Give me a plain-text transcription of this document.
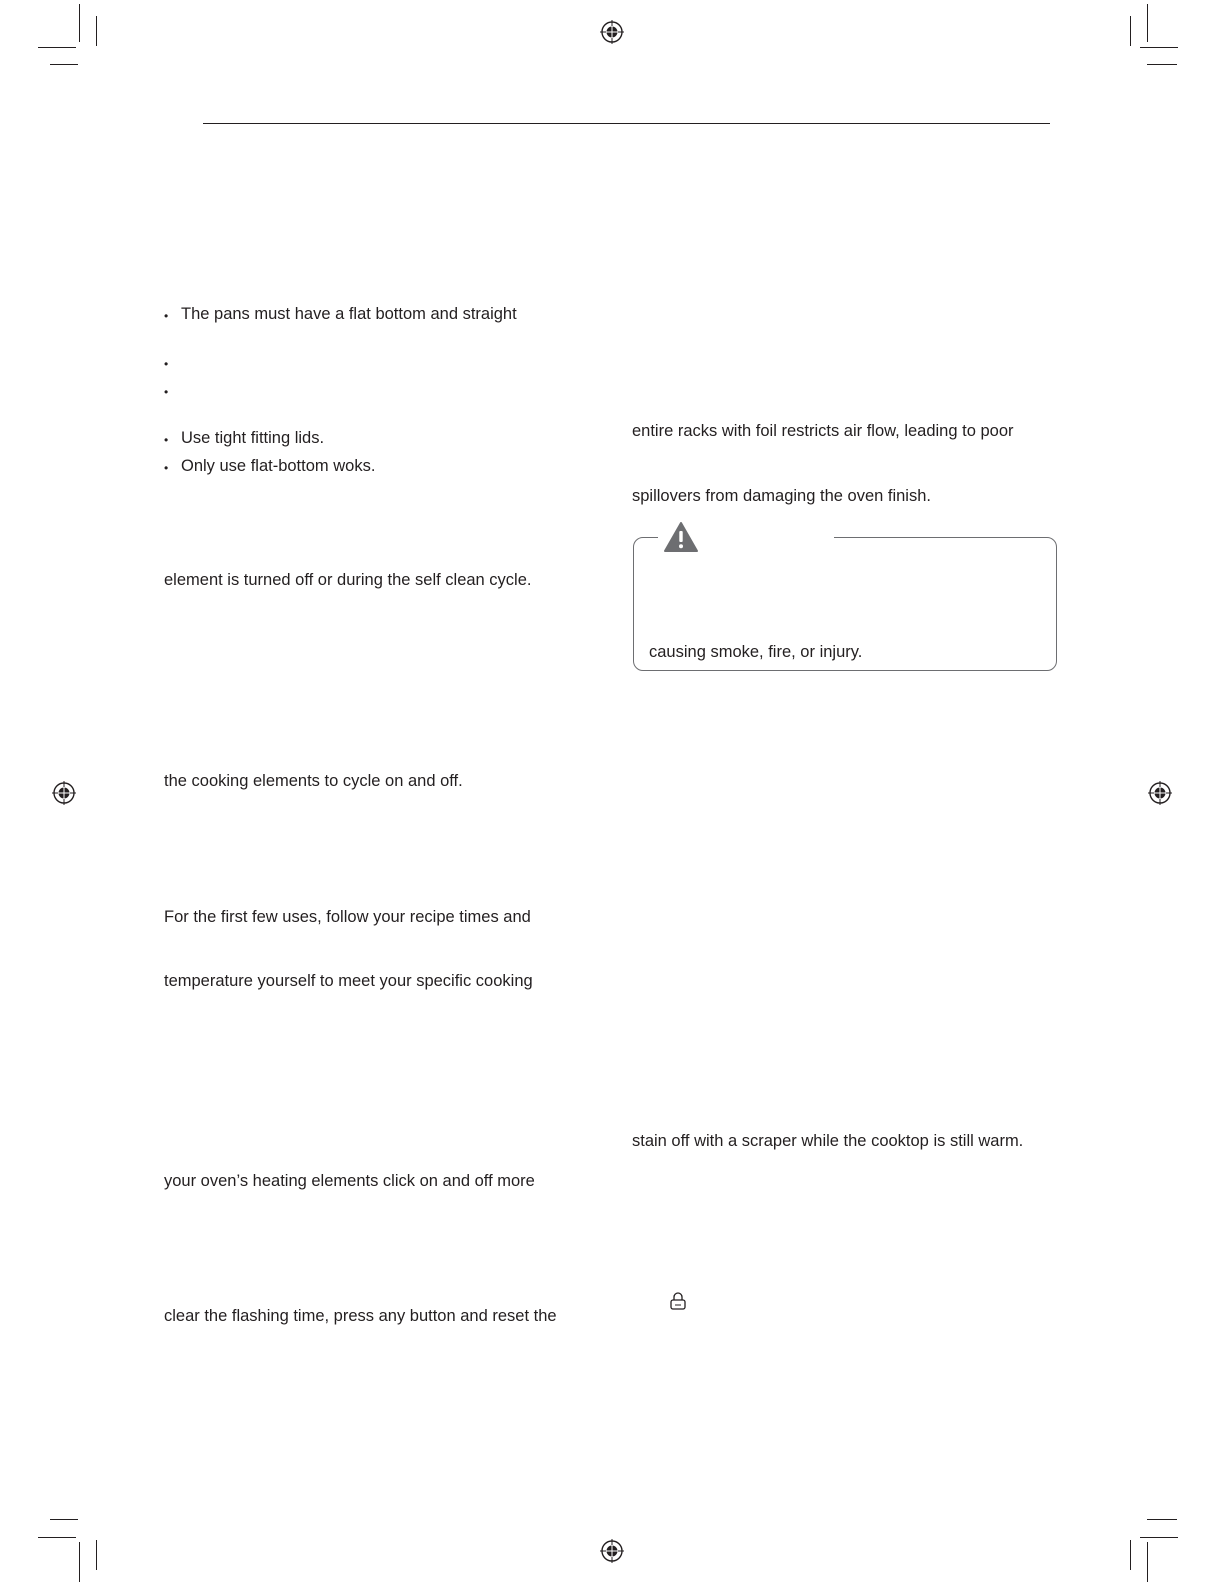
• The pans must have a flat bottom and straight

•

•

• Use tight fitting lids.

• Only use flat-bottom woks.

element is turned off or during the self clean cycle.

the cooking elements to cycle on and off.

For the first few uses, follow your recipe times and

temperature yourself to meet your specific cooking

your oven’s heating elements click on and off more

clear the flashing time, press any button and reset the

entire racks with foil restricts air flow, leading to poor

spillovers from damaging the oven finish.

causing smoke, fire, or injury.

stain off with a scraper while the cooktop is still warm.
